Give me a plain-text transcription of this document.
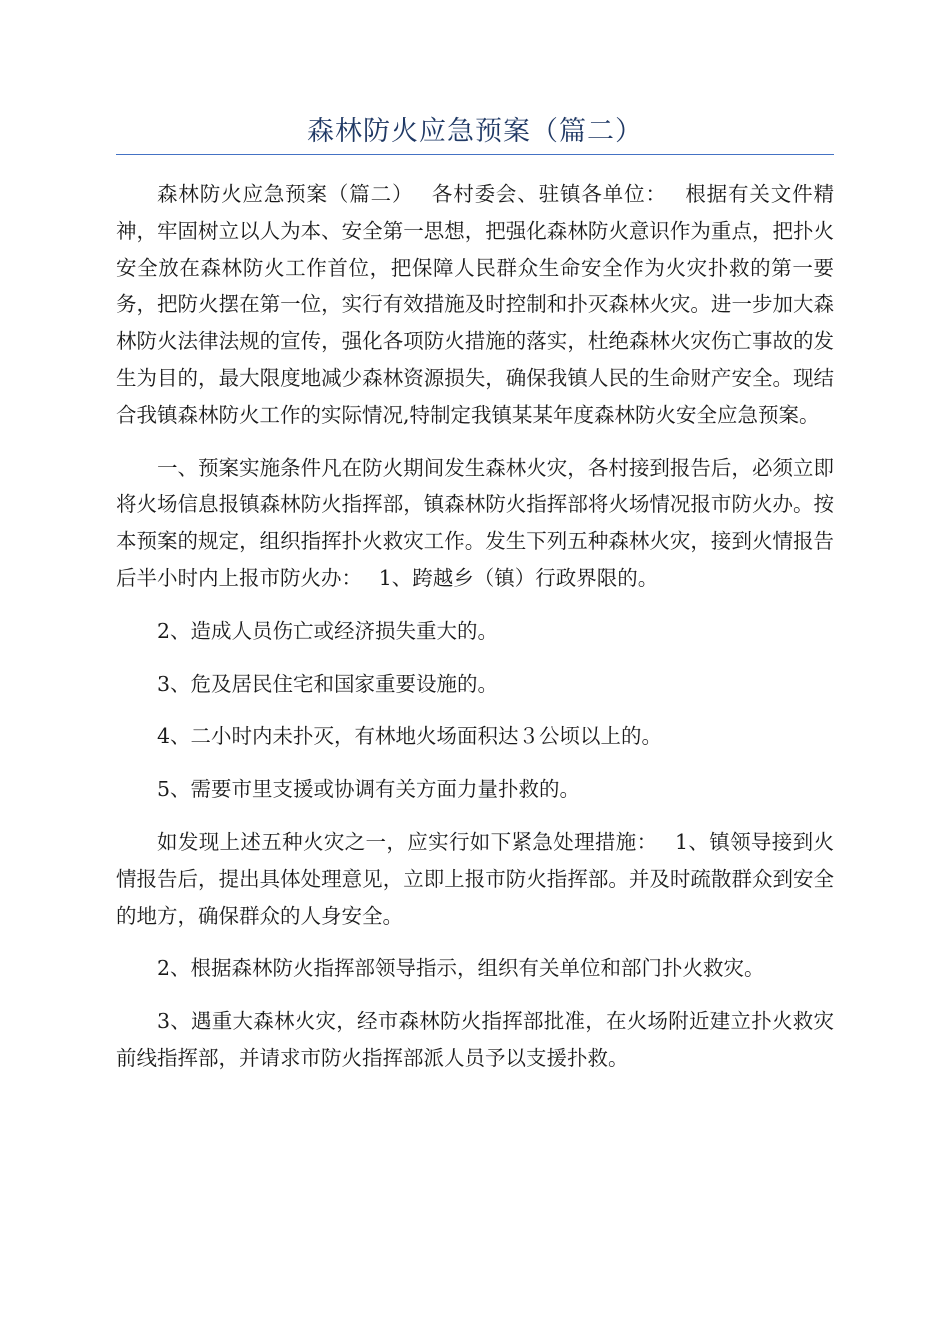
森林防火应急预案（篇二）

森林防火应急预案（篇二）　 各村委会、驻镇各单位：　 根据有关文件精神，牢固树立以人为本、安全第一思想，把强化森林防火意识作为重点，把扑火安全放在森林防火工作首位，把保障人民群众生命安全作为火灾扑救的第一要务，把防火摆在第一位，实行有效措施及时控制和扑灭森林火灾。进一步加大森林防火法律法规的宣传，强化各项防火措施的落实，杜绝森林火灾伤亡事故的发生为目的，最大限度地减少森林资源损失，确保我镇人民的生命财产安全。现结合我镇森林防火工作的实际情况,特制定我镇某某年度森林防火安全应急预案。

一、预案实施条件凡在防火期间发生森林火灾，各村接到报告后，必须立即将火场信息报镇森林防火指挥部，镇森林防火指挥部将火场情况报市防火办。按本预案的规定，组织指挥扑火救灾工作。发生下列五种森林火灾，接到火情报告后半小时内上报市防火办：　 1、跨越乡（镇）行政界限的。

2、造成人员伤亡或经济损失重大的。

3、危及居民住宅和国家重要设施的。

4、二小时内未扑灭，有林地火场面积达３公顷以上的。

5、需要市里支援或协调有关方面力量扑救的。

如发现上述五种火灾之一，应实行如下紧急处理措施：　 1、镇领导接到火情报告后，提出具体处理意见，立即上报市防火指挥部。并及时疏散群众到安全的地方，确保群众的人身安全。

2、根据森林防火指挥部领导指示，组织有关单位和部门扑火救灾。

3、遇重大森林火灾，经市森林防火指挥部批准，在火场附近建立扑火救灾前线指挥部，并请求市防火指挥部派人员予以支援扑救。
